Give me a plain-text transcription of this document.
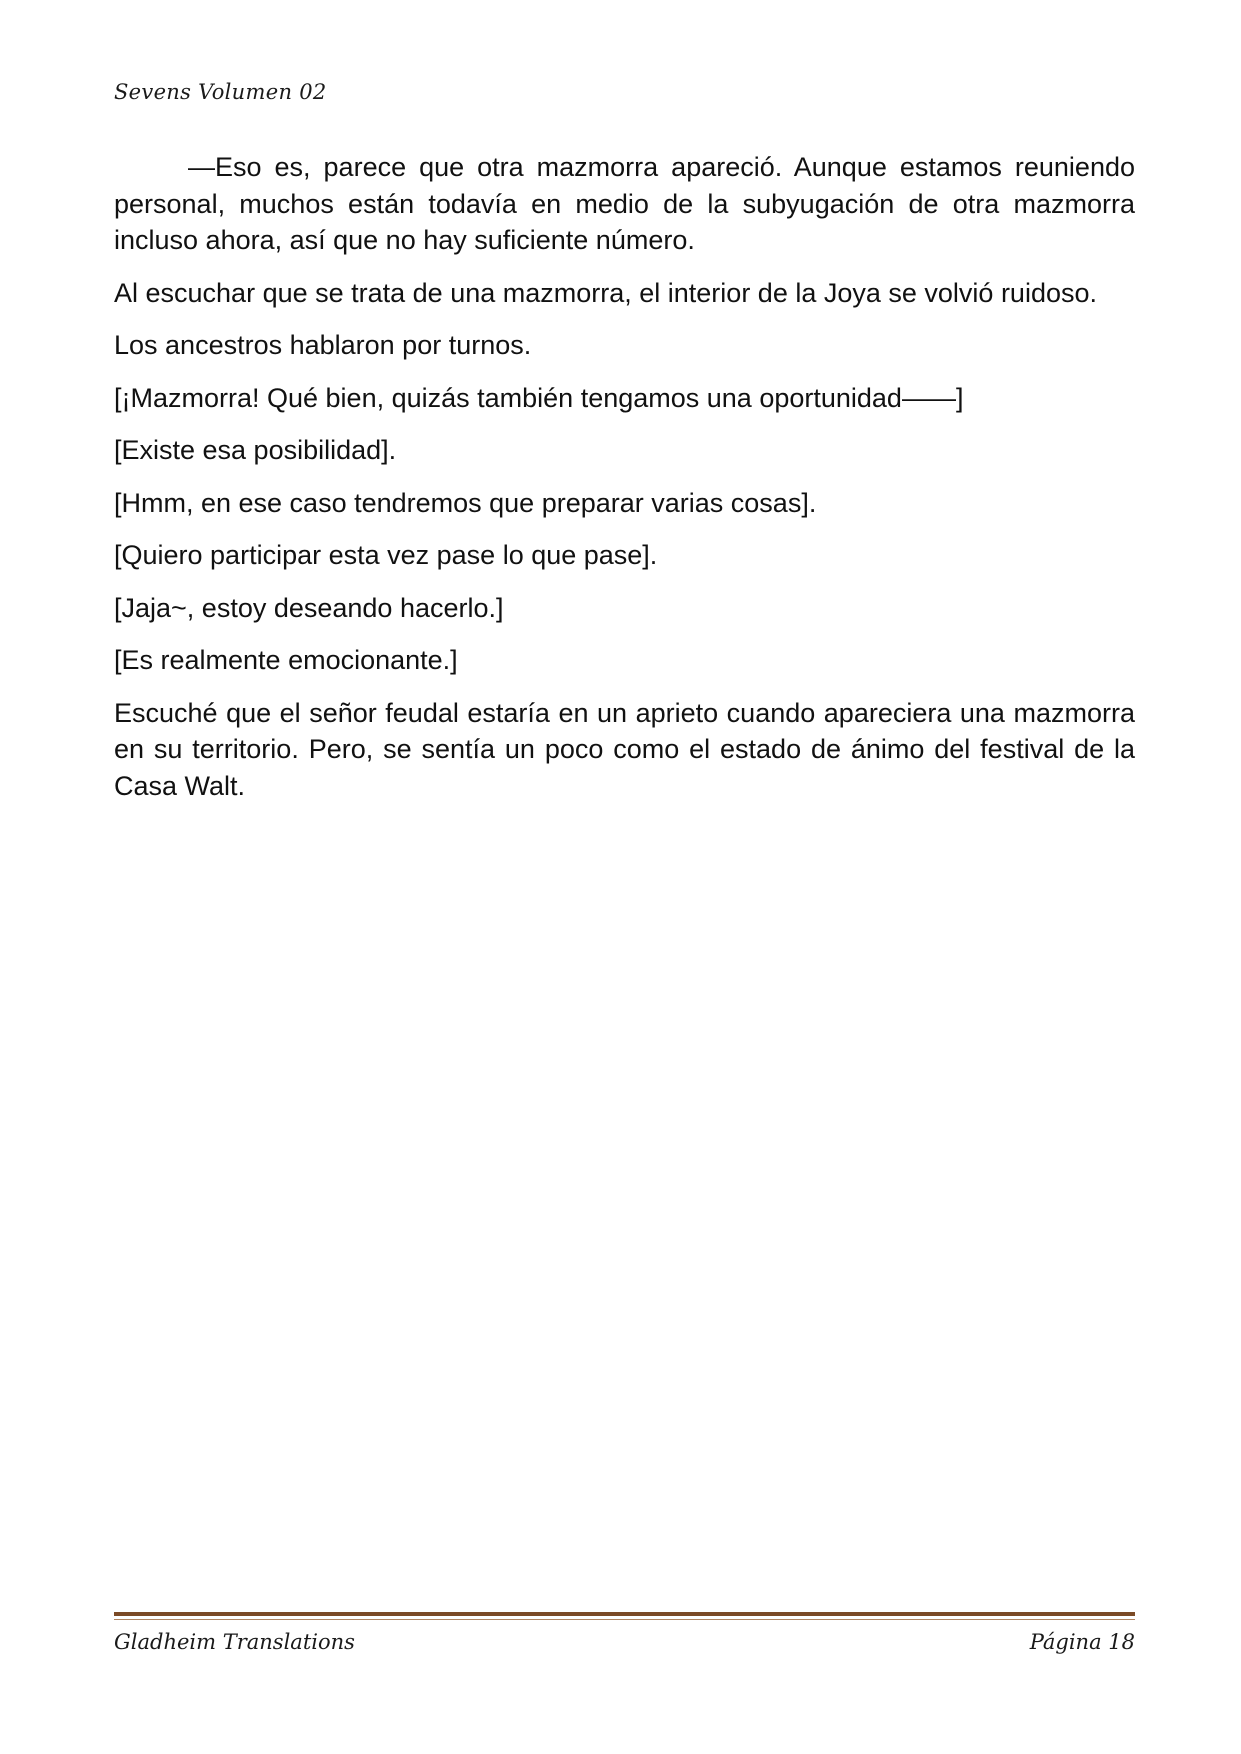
Sevens Volumen 02

—Eso es, parece que otra mazmorra apareció. Aunque estamos reuniendo personal, muchos están todavía en medio de la subyugación de otra mazmorra incluso ahora, así que no hay suficiente número.

Al escuchar que se trata de una mazmorra, el interior de la Joya se volvió ruidoso.

Los ancestros hablaron por turnos.

[¡Mazmorra! Qué bien, quizás también tengamos una oportunidad——]

[Existe esa posibilidad].

[Hmm, en ese caso tendremos que preparar varias cosas].

[Quiero participar esta vez pase lo que pase].

[Jaja~, estoy deseando hacerlo.]

[Es realmente emocionante.]

Escuché que el señor feudal estaría en un aprieto cuando apareciera una mazmorra en su territorio. Pero, se sentía un poco como el estado de ánimo del festival de la Casa Walt.

Gladheim Translations	Página 18
